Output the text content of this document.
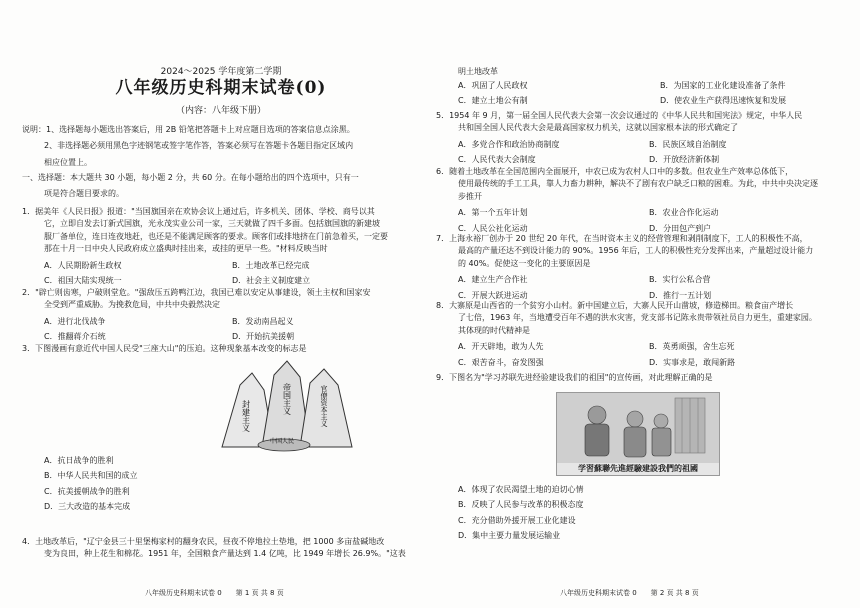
2024～2025 学年度第二学期
八年级历史科期末试卷(0)
（内容：八年级下册）
说明：1、选择题每小题选出答案后，用 2B 铅笔把答题卡上对应题目选项的答案信息点涂黑。
2、非选择题必须用黑色字迹钢笔或签字笔作答，答案必须写在答题卡各题目指定区域内
相应位置上。
一、选择题：本大题共 30 小题，每小题 2 分，共 60 分。在每小题给出的四个选项中，只有一
项是符合题目要求的。
1．据美年《人民日报》报道："当国旗国亲在欢协会议上通过后，许多机关、团体、学校、商号以其
它，立即自发去订新式国旗，光永茂实业公司一家，三天就做了四千多面。包括旗国旗的新建坡
服厂备单位，连日连夜地赶，也还是不能满足顾客的要求。顾客们或排地挤在门前急着买，一定要
那在十月一日中央人民政府成立盛典时挂出来，或挂的更早一些。"材料反映当时
A．人民期盼新生政权	B．土地改革已经完成
C．祖国大陆实现统一	D．社会主义制度建立
2．"辟亡则齿寒，户破则堂危。"强敌压五跨鸭江边，我国已难以安定从事建设，领土主权和国家安
全受到严重威胁。为挽救危局，中共中央毅然决定
A．进行北伐战争	B．发动南昌起义
C．推翻蒋介石统	D．开始抗美援朝
3．下图漫画有意近代中国人民受"三座大山"的压迫。这种现象基本改变的标志是
封建主义
帝国主义	官僚资本主义
中国人民
A．抗日战争的胜利
B．中华人民共和国的成立
C．抗美援朝战争的胜利
D．三大改造的基本完成
4．土地改革后，"辽宁金县三十里堡梅家村的翻身农民，昼夜不停地拉土垫地，把 1000 多亩盐碱地改
变为良田，种上花生和棉花。1951 年，全国粮食产量达到 1.4 亿吨，比 1949 年增长 26.9%。"这表
明土地改革
A．巩固了人民政权	B．为国家的工业化建设准备了条件
C．建立土地公有制	D．使农业生产获得迅速恢复和发展
5．1954 年 9 月，第一届全国人民代表大会第一次会议通过的《中华人民共和国宪法》规定，中华人民
共和国全国人民代表大会是最高国家权力机关，这就以国家根本法的形式确定了
A．多党合作和政治协商制度	B．民族区域自治制度
C．人民代表大会制度	D．开放经济新体制
6．随着土地改革在全国范围内全面展开，中农已成为农村人口中的多数。但农业生产效率总体低下，
使用最传统的手工工具，靠人力畜力耕种，解决不了剧有农户缺乏口粮的困难。为此，中共中央决定逐
步推开
A．第一个五年计划	B．农业合作化运动
C．人民公社化运动	D．分田包产到户
7．上海永裕厂创办于 20 世纪 20 年代，在当时资本主义的经营管理和剥削制度下，工人的积极性不高，
最高的产量还达不到设计能力的 90%。1956 年后，工人的积极性充分发挥出来，产量超过设计能力
的 40%。促使这一变化的主要原因是
A．建立生产合作社	B．实行公私合营
C．开展大跃进运动	D．推行一五计划
8．大寨原是山西省的一个贫穷小山村。新中国建立后，大寨人民开山凿坡，修造梯田。粮食亩产增长
了七倍，1963 年，当地遭受百年不遇的洪水灾害，党支部书记陈永贵带领社员自力更生，重建家园。
其体现的时代精神是
A．开天辟地，敢为人先	B．英勇顽强，舍生忘死
C．艰苦奋斗，奋发图强	D．实事求是，敢闯新路
9．下图名为"学习苏联先进经验建设我们的祖国"的宣传画，对此理解正确的是
学習蘇聯先進經驗建設我們的祖國
A．体现了农民渴望土地的迫切心情
B．反映了人民参与改革的积极态度
C．充分借助外援开展工业化建设
D．集中主要力量发展运输业
八年级历史科期末试卷 0　　第 1 页 共 8 页	八年级历史科期末试卷 0　　第 2 页 共 8 页
